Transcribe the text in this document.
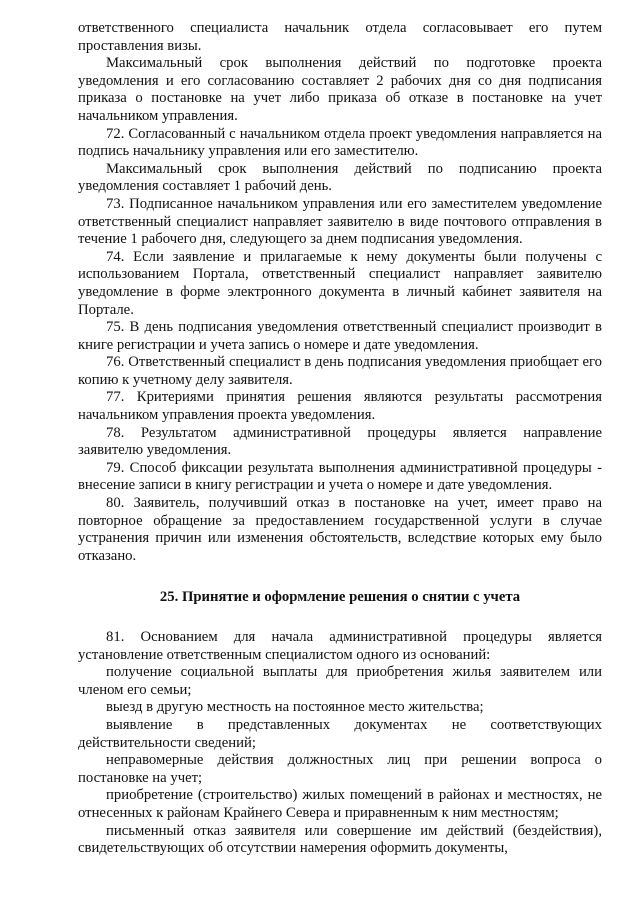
ответственного специалиста начальник отдела согласовывает его путем проставления визы.

Максимальный срок выполнения действий по подготовке проекта уведомления и его согласованию составляет 2 рабочих дня со дня подписания приказа о постановке на учет либо приказа об отказе в постановке на учет начальником управления.

72. Согласованный с начальником отдела проект уведомления направляется на подпись начальнику управления или его заместителю.

Максимальный срок выполнения действий по подписанию проекта уведомления составляет 1 рабочий день.

73. Подписанное начальником управления или его заместителем уведомление ответственный специалист направляет заявителю в виде почтового отправления в течение 1 рабочего дня, следующего за днем подписания уведомления.

74. Если заявление и прилагаемые к нему документы были получены с использованием Портала, ответственный специалист направляет заявителю уведомление в форме электронного документа в личный кабинет заявителя на Портале.

75. В день подписания уведомления ответственный специалист производит в книге регистрации и учета запись о номере и дате уведомления.

76. Ответственный специалист в день подписания уведомления приобщает его копию к учетному делу заявителя.

77. Критериями принятия решения являются результаты рассмотрения начальником управления проекта уведомления.

78. Результатом административной процедуры является направление заявителю уведомления.

79. Способ фиксации результата выполнения административной процедуры - внесение записи в книгу регистрации и учета о номере и дате уведомления.

80. Заявитель, получивший отказ в постановке на учет, имеет право на повторное обращение за предоставлением государственной услуги в случае устранения причин или изменения обстоятельств, вследствие которых ему было отказано.

25. Принятие и оформление решения о снятии с учета

81. Основанием для начала административной процедуры является установление ответственным специалистом одного из оснований:

получение социальной выплаты для приобретения жилья заявителем или членом его семьи;

выезд в другую местность на постоянное место жительства;

выявление в представленных документах не соответствующих действительности сведений;

неправомерные действия должностных лиц при решении вопроса о постановке на учет;

приобретение (строительство) жилых помещений в районах и местностях, не отнесенных к районам Крайнего Севера и приравненным к ним местностям;

письменный отказ заявителя или совершение им действий (бездействия), свидетельствующих об отсутствии намерения оформить документы,
